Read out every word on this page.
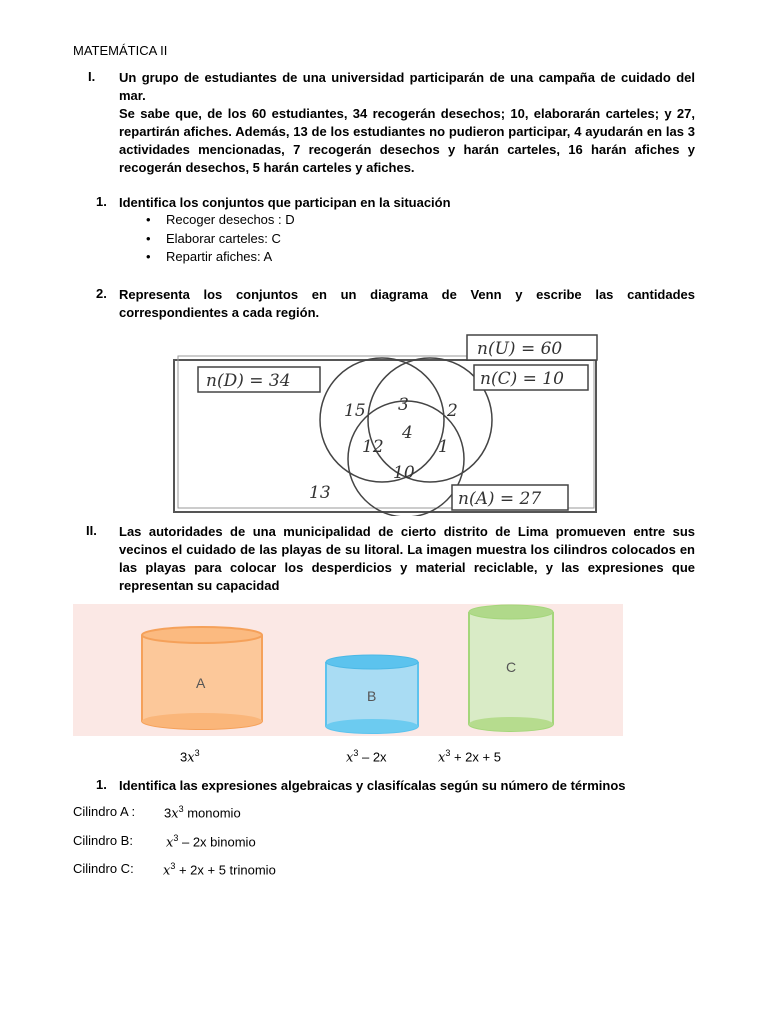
MATEMÁTICA II
I. Un grupo de estudiantes de una universidad participarán de una campaña de cuidado del mar.

Se sabe que, de los 60 estudiantes, 34 recogerán desechos; 10, elaborarán carteles; y 27, repartirán afiches. Además, 13 de los estudiantes no pudieron participar, 4 ayudarán en las 3 actividades mencionadas, 7 recogerán desechos y harán carteles, 16 harán afiches y recogerán desechos, 5 harán carteles y afiches.

1. Identifica los conjuntos que participan en la situación
• Recoger desechos : D
• Elaborar carteles: C
• Repartir afiches: A
2. Representa los conjuntos en un diagrama de Venn y escribe las cantidades correspondientes a cada región.
n(U) = 60
n(D) = 34	n(C) = 10
n(A) = 27
15 3 2
12
4
1
10
13
II. Las autoridades de una municipalidad de cierto distrito de Lima promueven entre sus vecinos el cuidado de las playas de su litoral. La imagen muestra los cilindros colocados en las playas para colocar los desperdicios y material reciclable, y las expresiones que representan su capacidad
A
B
C
$3x^3$	$x^3 - 2x$	$x^3 + 2x + 5$
1. Identifica las expresiones algebraicas y clasifícalas según su número de términos
Cilindro A : $3x^3$ monomio
Cilindro B:	$x^3 - 2x$ binomio
Cilindro C: $x^3 + 2x + 5$ trinomio
